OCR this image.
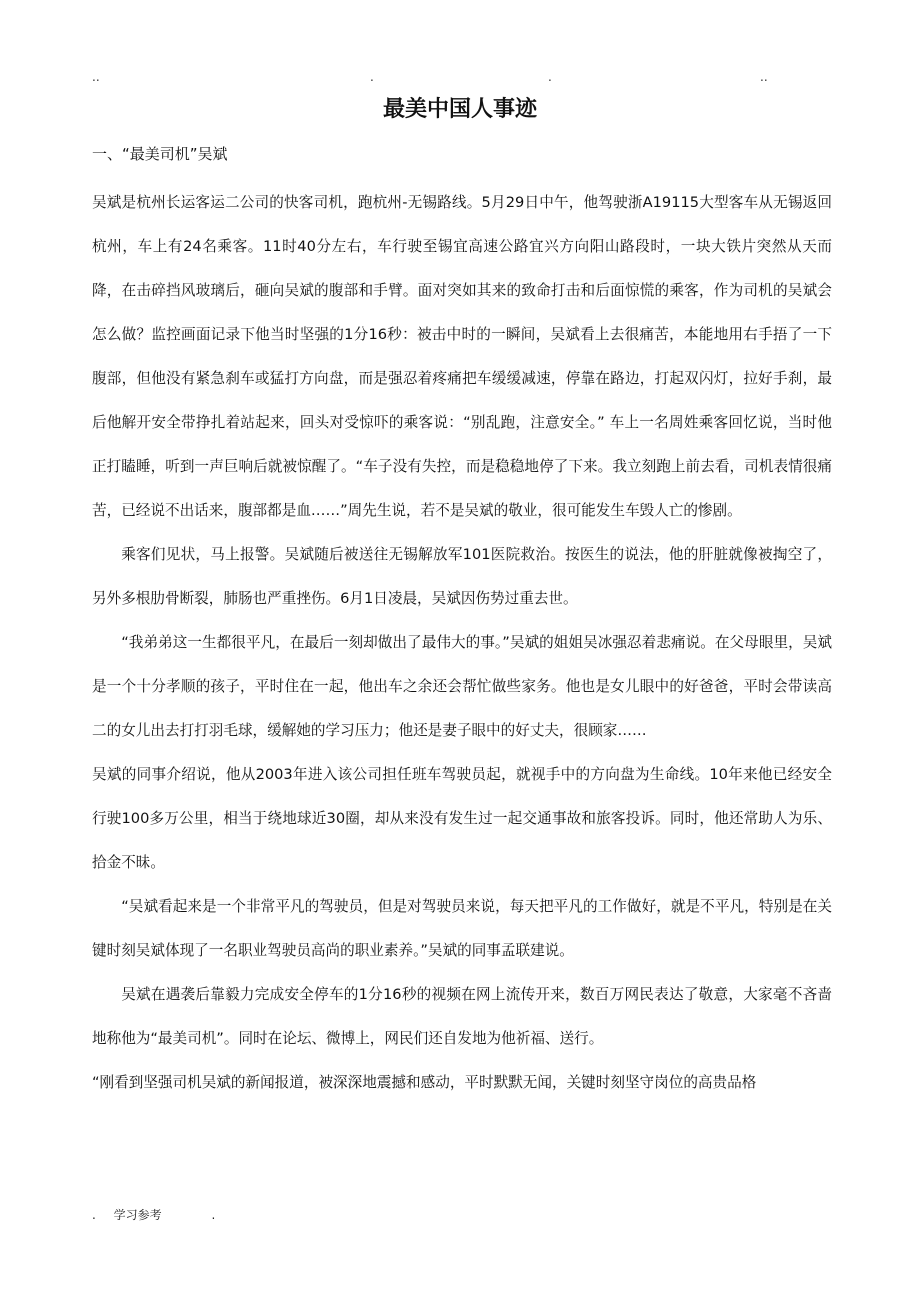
..	.	.	..
最美中国人事迹
一、“最美司机”吴斌

吴斌是杭州长运客运二公司的快客司机，跑杭州-无锡路线。5月29日中午，他驾驶浙A19115大型客车从无锡返回杭州，车上有24名乘客。11时40分左右，车行驶至锡宜高速公路宜兴方向阳山路段时，一块大铁片突然从天而降，在击碎挡风玻璃后，砸向吴斌的腹部和手臂。面对突如其来的致命打击和后面惊慌的乘客，作为司机的吴斌会怎么做？监控画面记录下他当时坚强的1分16秒：被击中时的一瞬间，吴斌看上去很痛苦，本能地用右手捂了一下腹部，但他没有紧急刹车或猛打方向盘，而是强忍着疼痛把车缓缓减速，停靠在路边，打起双闪灯，拉好手刹，最后他解开安全带挣扎着站起来，回头对受惊吓的乘客说：“别乱跑，注意安全。” 车上一名周姓乘客回忆说，当时他正打瞌睡，听到一声巨响后就被惊醒了。“车子没有失控，而是稳稳地停了下来。我立刻跑上前去看，司机表情很痛苦，已经说不出话来，腹部都是血……”周先生说，若不是吴斌的敬业，很可能发生车毁人亡的惨剧。

乘客们见状，马上报警。吴斌随后被送往无锡解放军101医院救治。按医生的说法，他的肝脏就像被掏空了，另外多根肋骨断裂，肺肠也严重挫伤。6月1日凌晨，吴斌因伤势过重去世。

“我弟弟这一生都很平凡，在最后一刻却做出了最伟大的事。”吴斌的姐姐吴冰强忍着悲痛说。在父母眼里，吴斌是一个十分孝顺的孩子，平时住在一起，他出车之余还会帮忙做些家务。他也是女儿眼中的好爸爸，平时会带读高二的女儿出去打打羽毛球，缓解她的学习压力；他还是妻子眼中的好丈夫，很顾家……

吴斌的同事介绍说，他从2003年进入该公司担任班车驾驶员起，就视手中的方向盘为生命线。10年来他已经安全行驶100多万公里，相当于绕地球近30圈，却从来没有发生过一起交通事故和旅客投诉。同时，他还常助人为乐、拾金不昧。

“吴斌看起来是一个非常平凡的驾驶员，但是对驾驶员来说，每天把平凡的工作做好，就是不平凡，特别是在关键时刻吴斌体现了一名职业驾驶员高尚的职业素养。”吴斌的同事孟联建说。

吴斌在遇袭后靠毅力完成安全停车的1分16秒的视频在网上流传开来，数百万网民表达了敬意，大家毫不吝啬地称他为“最美司机”。同时在论坛、微博上，网民们还自发地为他祈福、送行。

“刚看到坚强司机吴斌的新闻报道，被深深地震撼和感动，平时默默无闻，关键时刻坚守岗位的高贵品格

. 学习参考	.
